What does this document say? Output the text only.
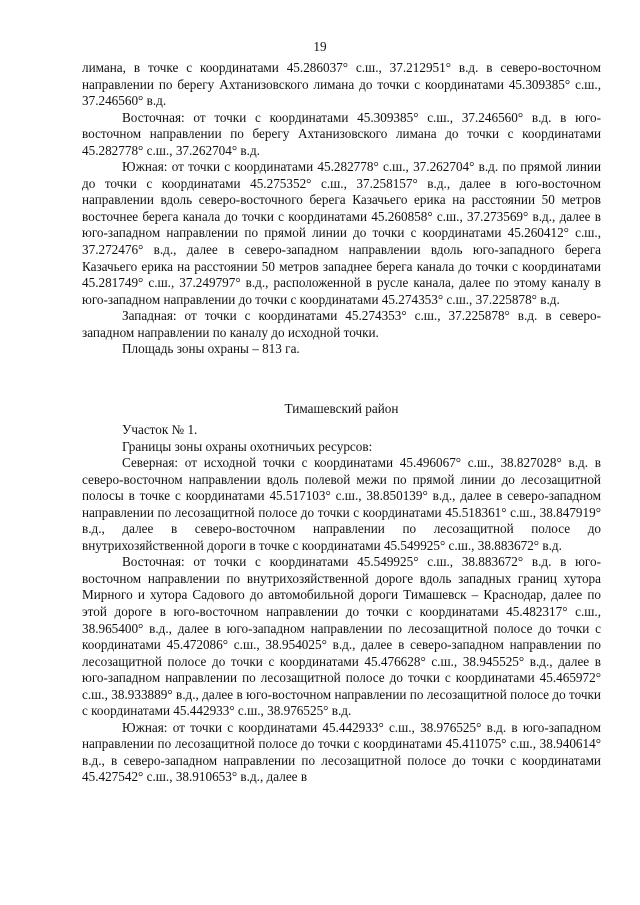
19

лимана, в точке с координатами 45.286037° с.ш., 37.212951° в.д. в северо-восточном направлении по берегу Ахтанизовского лимана до точки с координатами 45.309385° с.ш., 37.246560° в.д.

Восточная: от точки с координатами 45.309385° с.ш., 37.246560° в.д. в юго-восточном направлении по берегу Ахтанизовского лимана до точки с координатами 45.282778° с.ш., 37.262704° в.д.

Южная: от точки с координатами 45.282778° с.ш., 37.262704° в.д. по прямой линии до точки с координатами 45.275352° с.ш., 37.258157° в.д., далее в юго-восточном направлении вдоль северо-восточного берега Казачьего ерика на расстоянии 50 метров восточнее берега канала до точки с координатами 45.260858° с.ш., 37.273569° в.д., далее в юго-западном направлении по прямой линии до точки с координатами 45.260412° с.ш., 37.272476° в.д., далее в северо-западном направлении вдоль юго-западного берега Казачьего ерика на расстоянии 50 метров западнее берега канала до точки с координатами 45.281749° с.ш., 37.249797° в.д., расположенной в русле канала, далее по этому каналу в юго-западном направлении до точки с координатами 45.274353° с.ш., 37.225878° в.д.

Западная: от точки с координатами 45.274353° с.ш., 37.225878° в.д. в северо-западном направлении по каналу до исходной точки.

Площадь зоны охраны – 813 га.

Тимашевский район

Участок № 1.

Границы зоны охраны охотничьих ресурсов:

Северная: от исходной точки с координатами 45.496067° с.ш., 38.827028° в.д. в северо-восточном направлении вдоль полевой межи по прямой линии до лесозащитной полосы в точке с координатами 45.517103° с.ш., 38.850139° в.д., далее в северо-западном направлении по лесозащитной полосе до точки с координатами 45.518361° с.ш., 38.847919° в.д., далее в северо-восточном направлении по лесозащитной полосе до внутрихозяйственной дороги в точке с координатами 45.549925° с.ш., 38.883672° в.д.

Восточная: от точки с координатами 45.549925° с.ш., 38.883672° в.д. в юго-восточном направлении по внутрихозяйственной дороге вдоль западных границ хутора Мирного и хутора Садового до автомобильной дороги Тимашевск – Краснодар, далее по этой дороге в юго-восточном направлении до точки с координатами 45.482317° с.ш., 38.965400° в.д., далее в юго-западном направлении по лесозащитной полосе до точки с координатами 45.472086° с.ш., 38.954025° в.д., далее в северо-западном направлении по лесозащитной полосе до точки с координатами 45.476628° с.ш., 38.945525° в.д., далее в юго-западном направлении по лесозащитной полосе до точки с координатами 45.465972° с.ш., 38.933889° в.д., далее в юго-восточном направлении по лесозащитной полосе до точки с координатами 45.442933° с.ш., 38.976525° в.д.

Южная: от точки с координатами 45.442933° с.ш., 38.976525° в.д. в юго-западном направлении по лесозащитной полосе до точки с координатами 45.411075° с.ш., 38.940614° в.д., в северо-западном направлении по лесозащитной полосе до точки с координатами 45.427542° с.ш., 38.910653° в.д., далее в
